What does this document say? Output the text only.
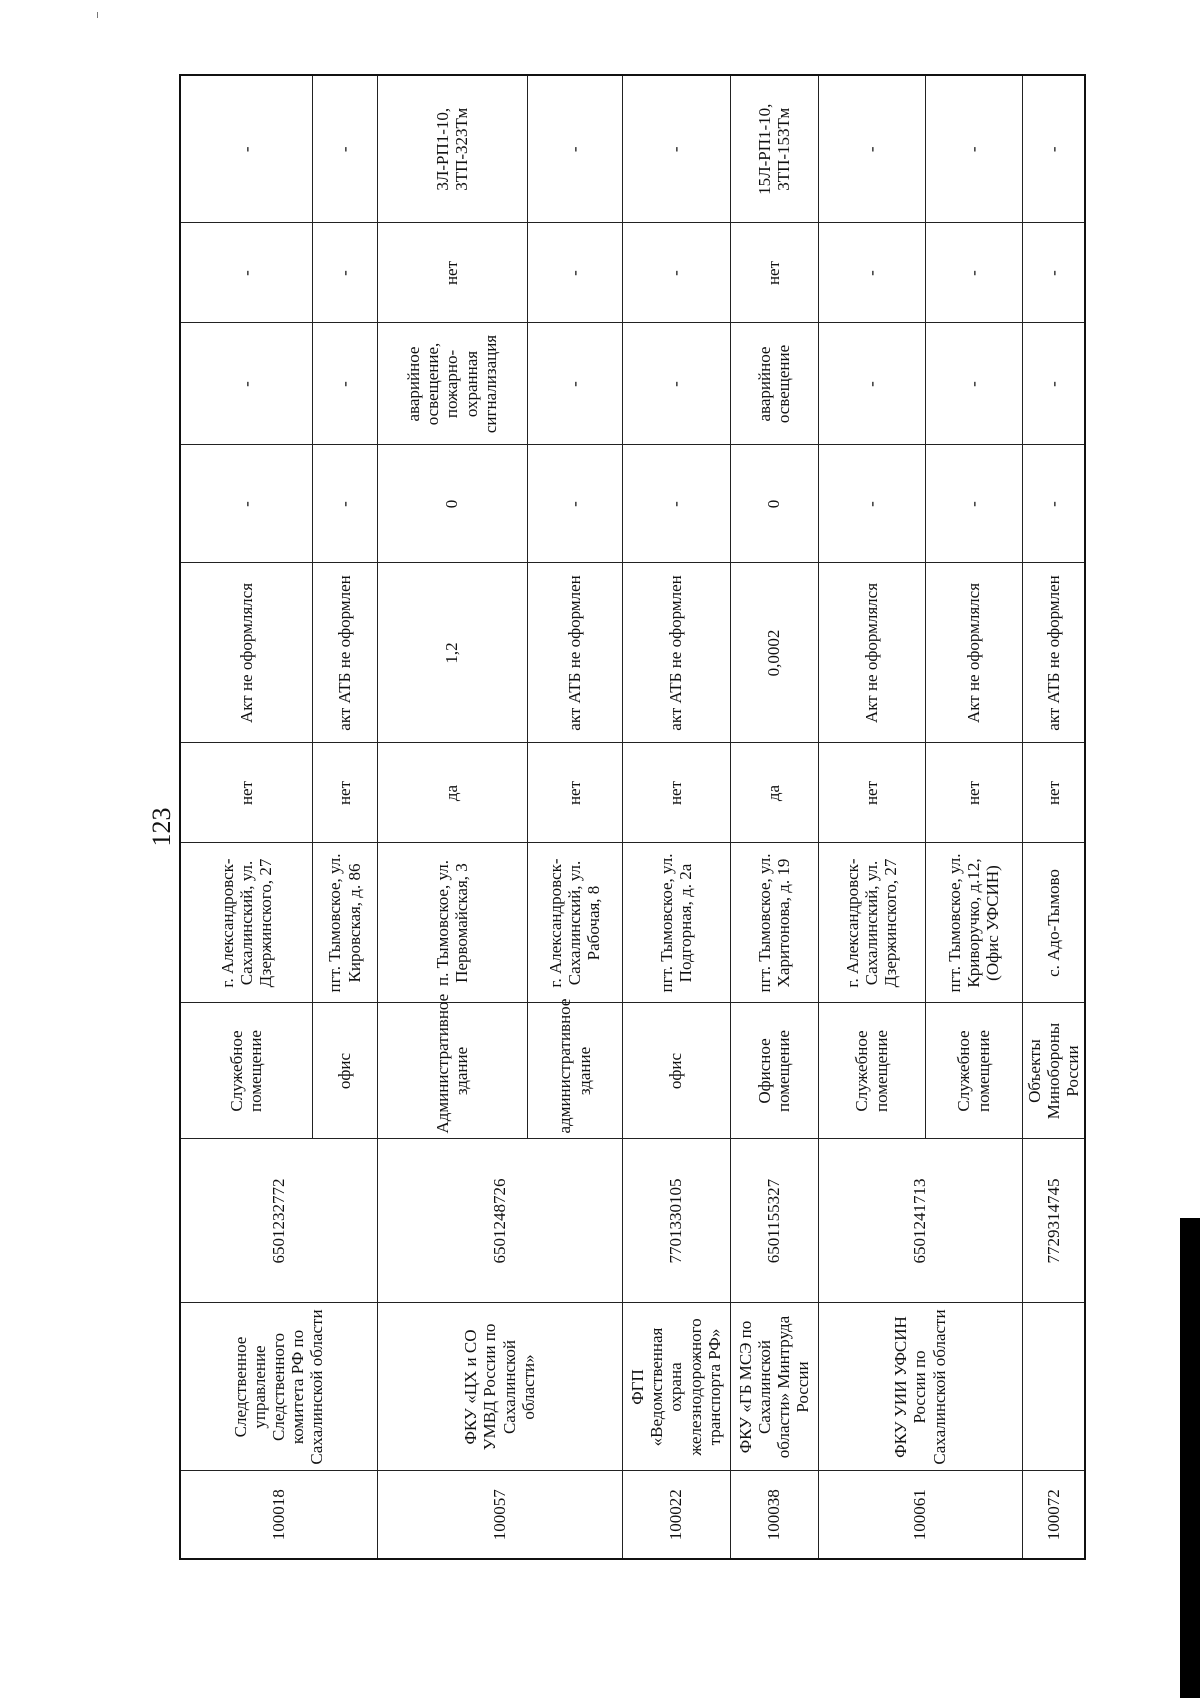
123
100018	Следственное управление Следственного комитета РФ по Сахалинской области	6501232772	Служебное помещение	г. Александровск-Сахалинский, ул. Дзержинского, 27	нет	Акт не оформлялся	-	-	-	-
			офис	пгт. Тымовское, ул. Кировская, д. 86	нет	акт АТБ не оформлен	-	-	-	-
100057	ФКУ «ЦХ и СО УМВД России по Сахалинской области»	6501248726	Административное здание	п. Тымовское, ул. Первомайская, 3	да	1,2	0	аварийное освещение, пожарно-охранная сигнализация	нет	3Л-РП1-10, 3ТП-323Тм
			административное здание	г. Александровск-Сахалинский, ул. Рабочая, 8	нет	акт АТБ не оформлен	-	-	-	-
100022	ФГП «Ведомственная охрана железнодорожного транспорта РФ»	7701330105	офис	пгт. Тымовское, ул. Подгорная, д. 2а	нет	акт АТБ не оформлен	-	-	-	-
100038	ФКУ «ГБ МСЭ по Сахалинской области» Минтруда России	6501155327	Офисное помещение	пгт. Тымовское, ул. Харитонова, д. 19	да	0,0002	0	аварийное освещение	нет	15Л-РП1-10, 3ТП-153Тм
100061	ФКУ УИИ УФСИН России по Сахалинской области	6501241713	Служебное помещение	г. Александровск-Сахалинский, ул. Дзержинского, 27	нет	Акт не оформлялся	-	-	-	-
			Служебное помещение	пгт. Тымовское, ул. Криворучко, д.12, (Офис УФСИН)	нет	Акт не оформлялся	-	-	-	-
100072		7729314745	Объекты Минобороны России	с. Адо-Тымово	нет	акт АТБ не оформлен	-	-	-	-
